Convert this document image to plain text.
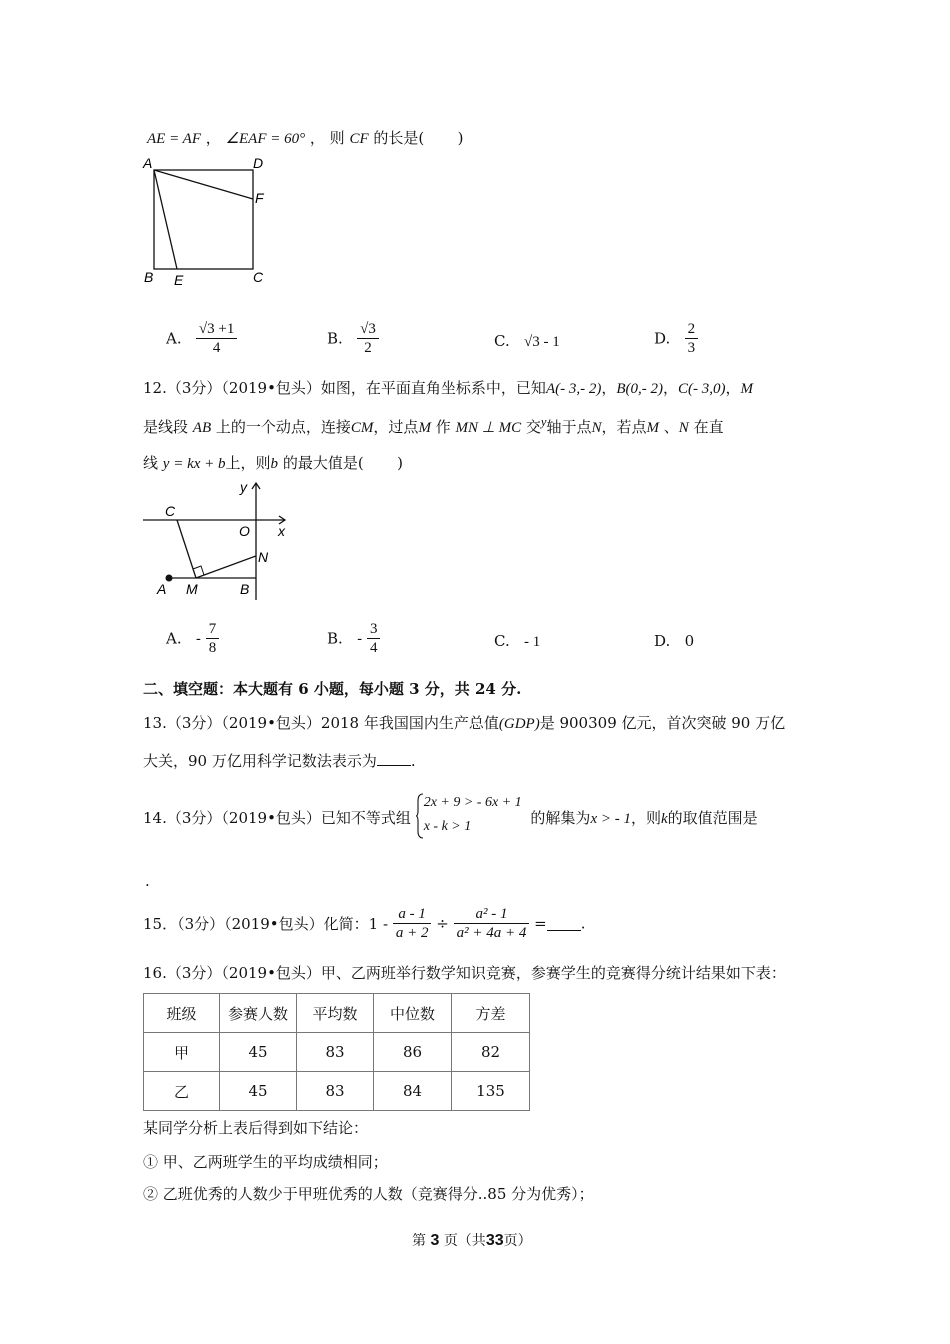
AE = AF ， ∠EAF = 60° ， 则 CF 的长是( )
A	D
F
B E	C
A. $\frac{√3 +1}{4}$	B. $\frac{√3}{2}$	C. √3 - 1	D. $\frac{2}{3}$
12.（3分）（2019•包头）如图，在平面直角坐标系中，已知A(- 3,- 2)，B(0,- 2)，C(- 3,0)，M
是线段 AB 上的一个动点，连接CM，过点M 作 MN ⊥ MC 交$^y$轴于点N，若点M 、N 在直
线 y = kx + b上，则b 的最大值是( )
y
C
O x
N
A M	B
A. - $\frac{7}{8}$	B. - $\frac{3}{4}$	C. - 1	D. 0
二、填空题：本大题有 6 小题，每小题 3 分，共 24 分.
13.（3分）（2019•包头）2018 年我国国内生产总值(GDP)是 900309 亿元，首次突破 90 万亿
大关，90 万亿用科学记数法表示为 .
14.（3分）（2019•包头）已知不等式组
2x + 9 > - 6x + 1
x - k > 1	的解集为x > - 1，则k的取值范围是
.
15．（3分）（2019•包头）化简：$1 - \frac{a - 1}{a + 2} \div \frac{\text{a² - 1}}{\text{a² + 4a + 4}}$ = .
16.（3分）（2019•包头）甲、乙两班举行数学知识竞赛，参赛学生的竞赛得分统计结果如下表：
班级	参赛人数	平均数	中位数	方差
甲	45	83	86	82
乙	45	83	84	135
某同学分析上表后得到如下结论：
① 甲、乙两班学生的平均成绩相同；
② 乙班优秀的人数少于甲班优秀的人数（竞赛得分..85 分为优秀）；
第 3 页（共33页）
